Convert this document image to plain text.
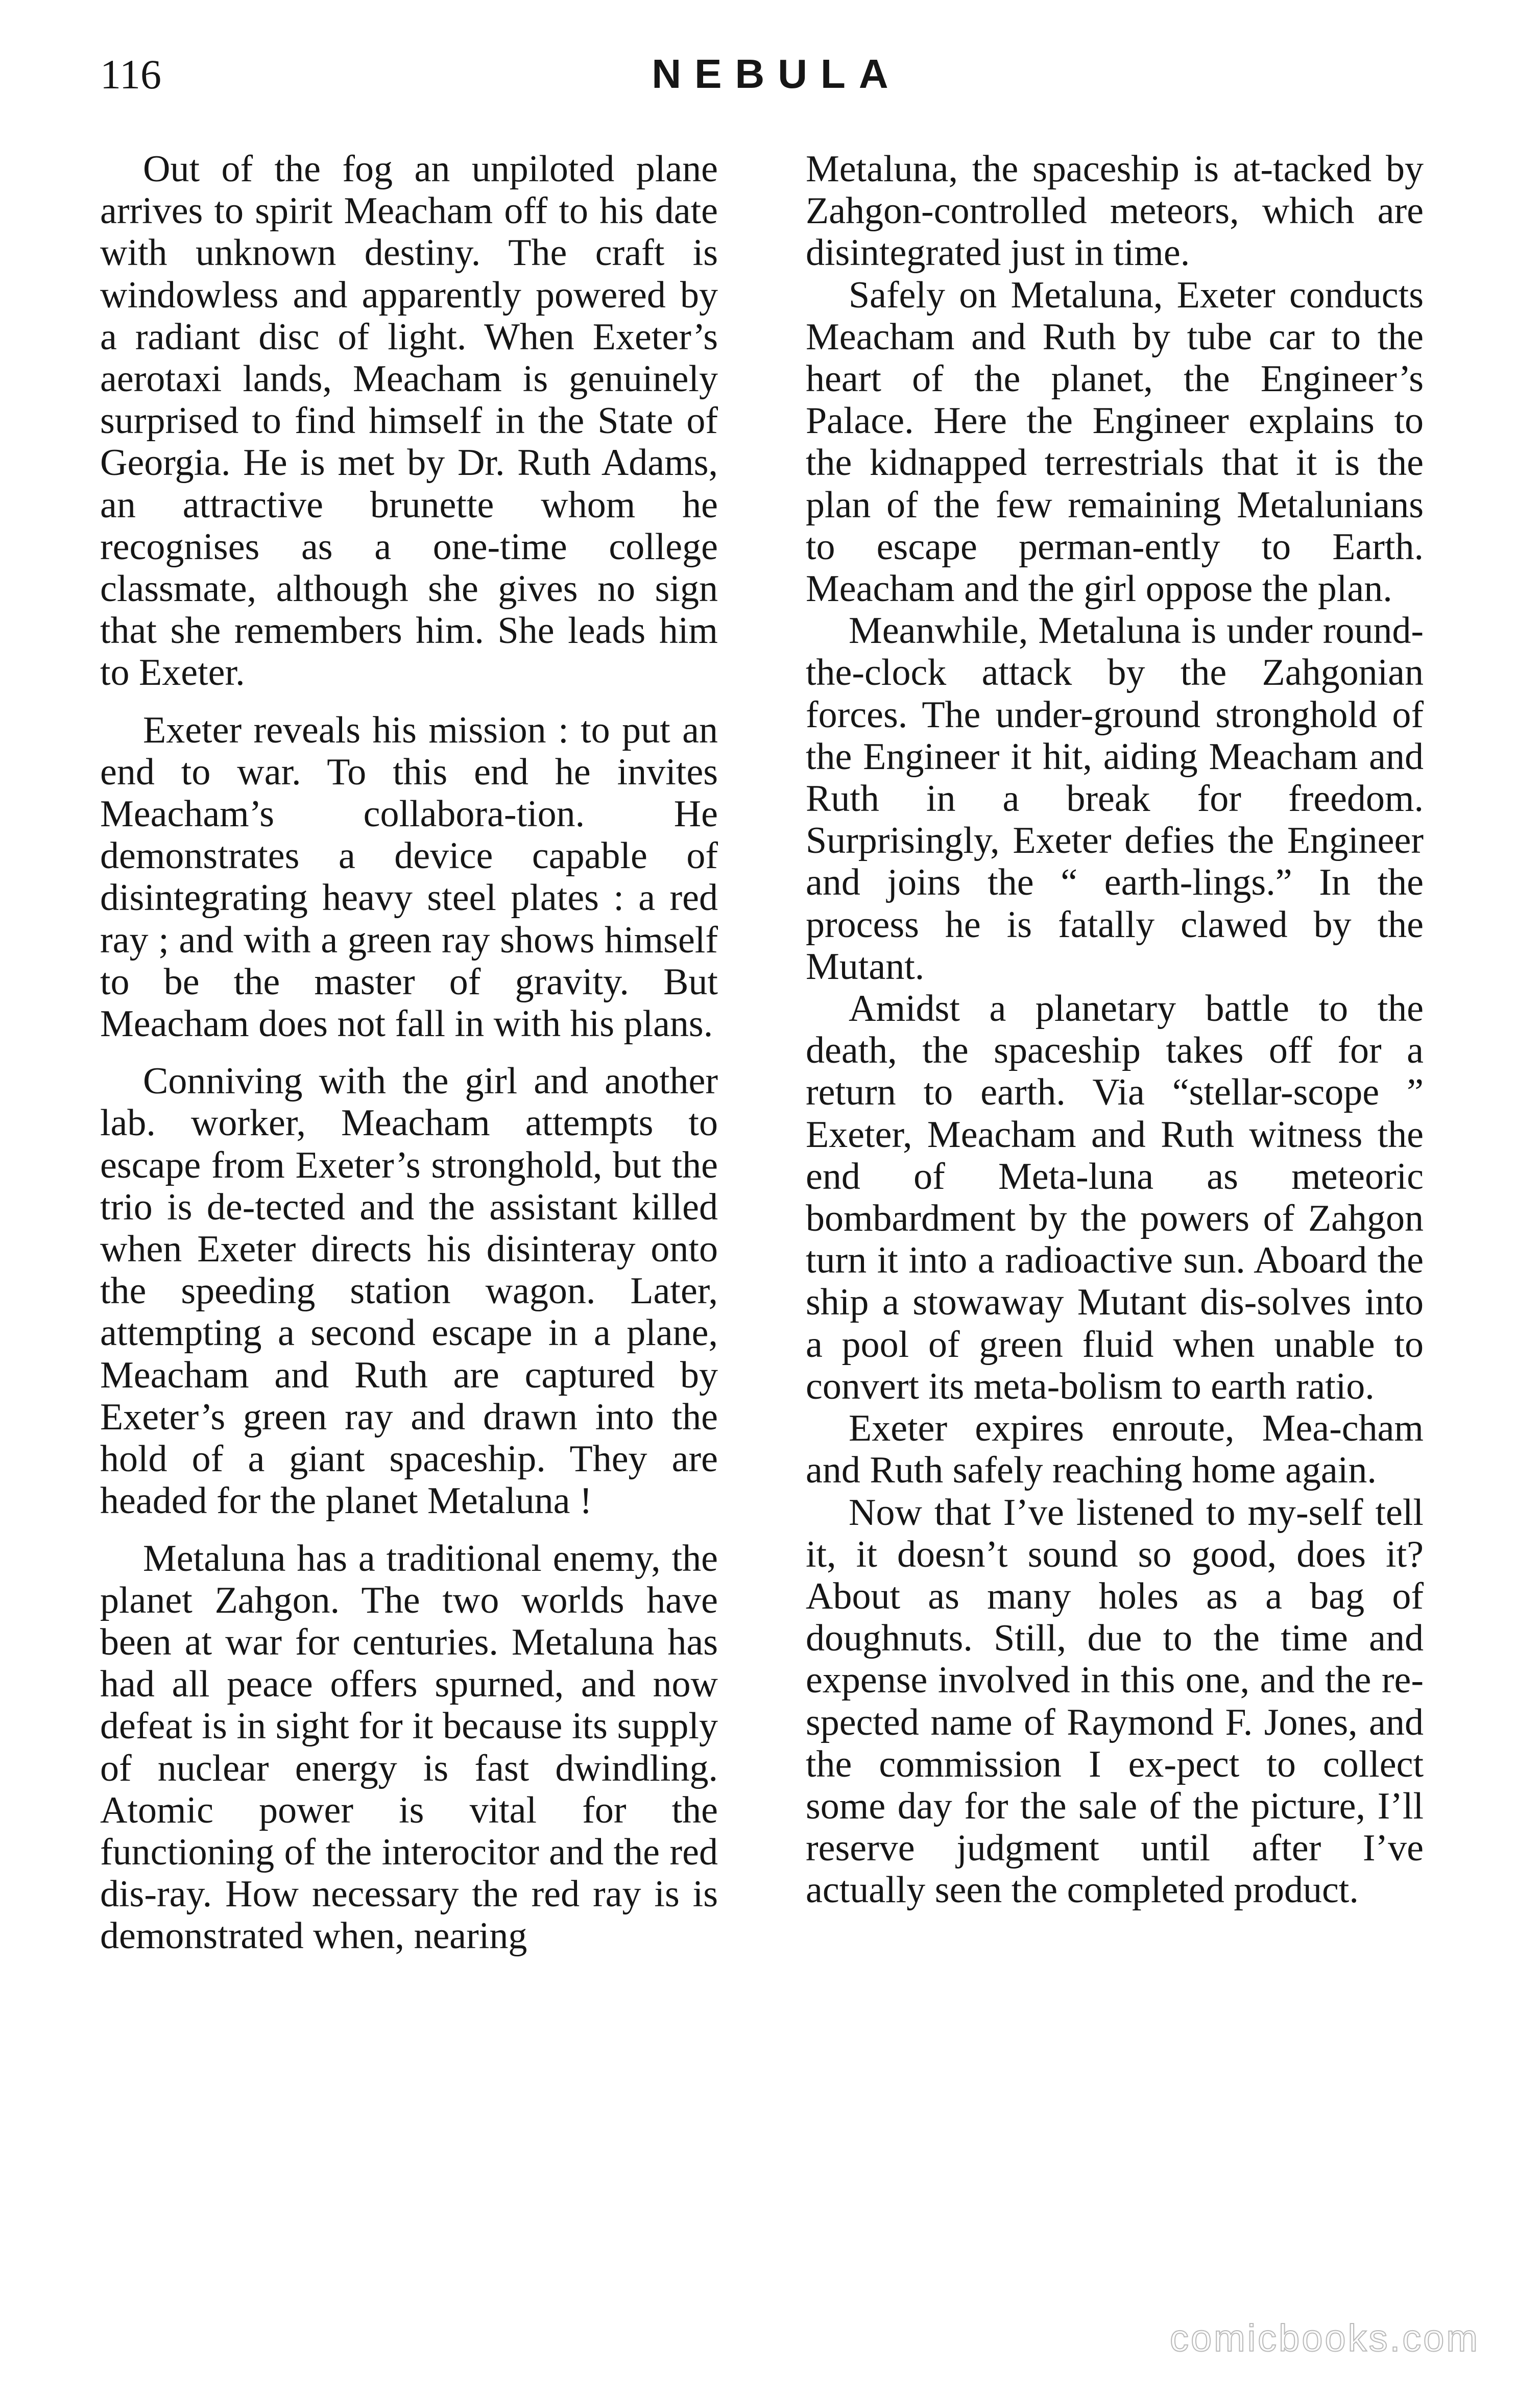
116	NEBULA

Out of the fog an unpiloted plane arrives to spirit Meacham off to his date with unknown destiny. The craft is windowless and apparently powered by a radiant disc of light. When Exeter’s aerotaxi lands, Meacham is genuinely surprised to find himself in the State of Georgia. He is met by Dr. Ruth Adams, an attractive brunette whom he recognises as a one-time college classmate, although she gives no sign that she remembers him. She leads him to Exeter.

Exeter reveals his mission : to put an end to war. To this end he invites Meacham’s collabora-tion. He demonstrates a device capable of disintegrating heavy steel plates : a red ray ; and with a green ray shows himself to be the master of gravity. But Meacham does not fall in with his plans.

Conniving with the girl and another lab. worker, Meacham attempts to escape from Exeter’s stronghold, but the trio is de-tected and the assistant killed when Exeter directs his disinteray onto the speeding station wagon. Later, attempting a second escape in a plane, Meacham and Ruth are captured by Exeter’s green ray and drawn into the hold of a giant spaceship. They are headed for the planet Metaluna !

Metaluna has a traditional enemy, the planet Zahgon. The two worlds have been at war for centuries. Metaluna has had all peace offers spurned, and now defeat is in sight for it because its supply of nuclear energy is fast dwindling. Atomic power is vital for the functioning of the interocitor and the red dis-ray. How necessary the red ray is is demonstrated when, nearing

Metaluna, the spaceship is at-tacked by Zahgon-controlled meteors, which are disintegrated just in time.

Safely on Metaluna, Exeter conducts Meacham and Ruth by tube car to the heart of the planet, the Engineer’s Palace. Here the Engineer explains to the kidnapped terrestrials that it is the plan of the few remaining Metalunians to escape perman-ently to Earth. Meacham and the girl oppose the plan.

Meanwhile, Metaluna is under round-the-clock attack by the Zahgonian forces. The under-ground stronghold of the Engineer it hit, aiding Meacham and Ruth in a break for freedom. Surprisingly, Exeter defies the Engineer and joins the “ earth-lings.” In the process he is fatally clawed by the Mutant.

Amidst a planetary battle to the death, the spaceship takes off for a return to earth. Via “stellar-scope ” Exeter, Meacham and Ruth witness the end of Meta-luna as meteoric bombardment by the powers of Zahgon turn it into a radioactive sun. Aboard the ship a stowaway Mutant dis-solves into a pool of green fluid when unable to convert its meta-bolism to earth ratio.

Exeter expires enroute, Mea-cham and Ruth safely reaching home again.

Now that I’ve listened to my-self tell it, it doesn’t sound so good, does it? About as many holes as a bag of doughnuts. Still, due to the time and expense involved in this one, and the re-spected name of Raymond F. Jones, and the commission I ex-pect to collect some day for the sale of the picture, I’ll reserve judgment until after I’ve actually seen the completed product.

comicbooks.com
